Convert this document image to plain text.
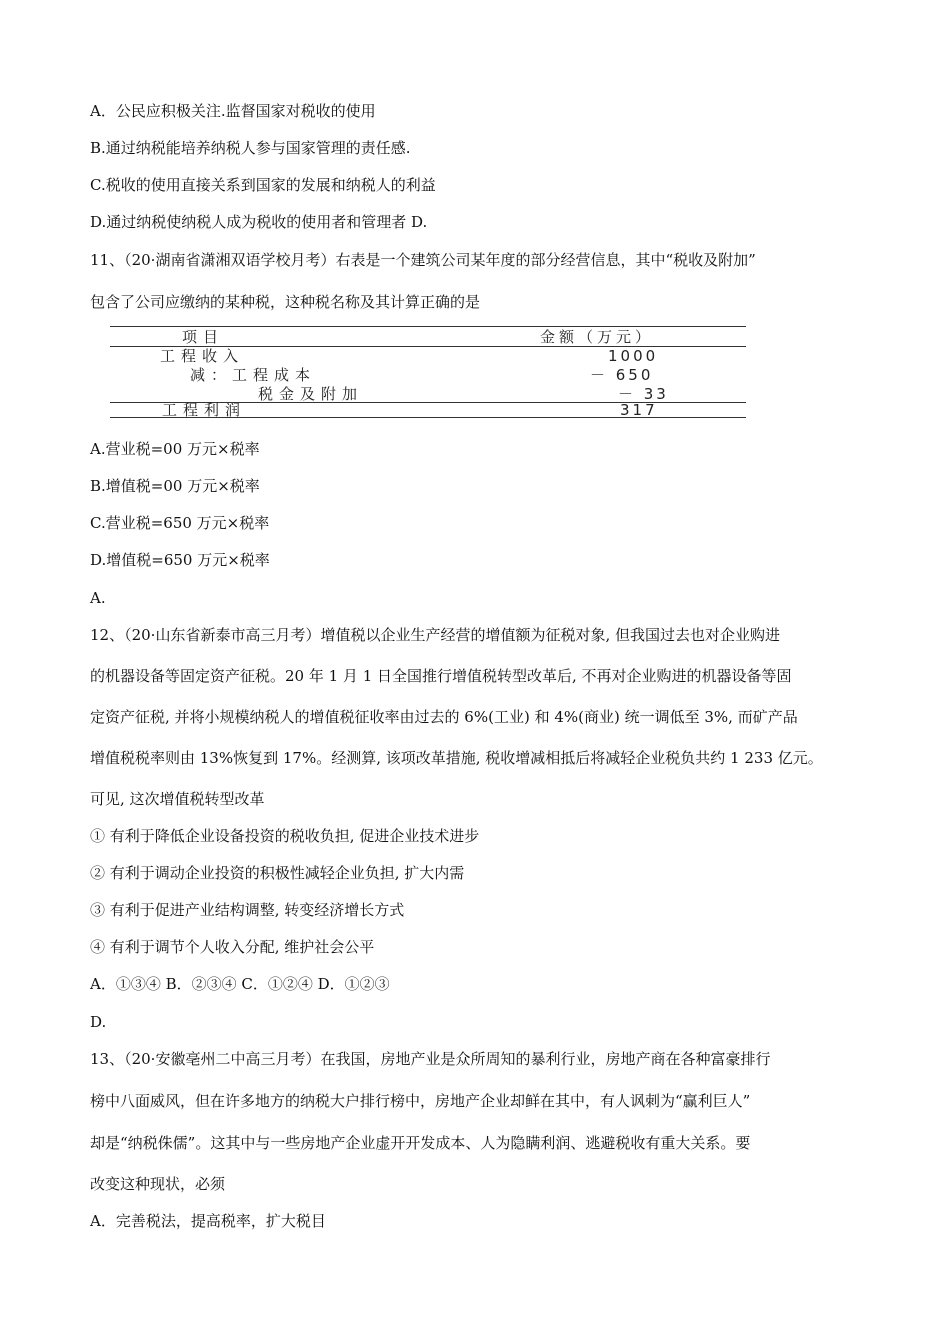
A．公民应积极关注.监督国家对税收的使用
B.通过纳税能培养纳税人参与国家管理的责任感.
C.税收的使用直接关系到国家的发展和纳税人的利益
D.通过纳税使纳税人成为税收的使用者和管理者 D.
11、（20·湖南省潇湘双语学校月考）右表是一个建筑公司某年度的部分经营信息，其中“税收及附加”
包含了公司应缴纳的某种税，这种税名称及其计算正确的是
项目	金额（万元）
工程收入	1000
减：工程成本	－ 650
税金及附加	－ 33
工程利润	317
A.营业税=00 万元×税率
B.增值税=00 万元×税率
C.营业税=650 万元×税率
D.增值税=650 万元×税率
A.
12、（20·山东省新泰市高三月考）增值税以企业生产经营的增值额为征税对象, 但我国过去也对企业购进
的机器设备等固定资产征税。20 年 1 月 1 日全国推行增值税转型改革后, 不再对企业购进的机器设备等固
定资产征税, 并将小规模纳税人的增值税征收率由过去的 6%(工业) 和 4%(商业) 统一调低至 3%, 而矿产品
增值税税率则由 13%恢复到 17%。经测算, 该项改革措施, 税收增减相抵后将减轻企业税负共约 1 233 亿元。
可见, 这次增值税转型改革
① 有利于降低企业设备投资的税收负担, 促进企业技术进步
② 有利于调动企业投资的积极性减轻企业负担, 扩大内需
③ 有利于促进产业结构调整, 转变经济增长方式
④ 有利于调节个人收入分配, 维护社会公平
A．①③④ B．②③④ C．①②④ D．①②③
D.
13、（20·安徽亳州二中高三月考）在我国，房地产业是众所周知的暴利行业，房地产商在各种富豪排行
榜中八面威风，但在许多地方的纳税大户排行榜中，房地产企业却鲜在其中，有人讽刺为“赢利巨人”
却是“纳税侏儒”。这其中与一些房地产企业虚开开发成本、人为隐瞒利润、逃避税收有重大关系。要
改变这种现状，必须
A．完善税法，提高税率，扩大税目
